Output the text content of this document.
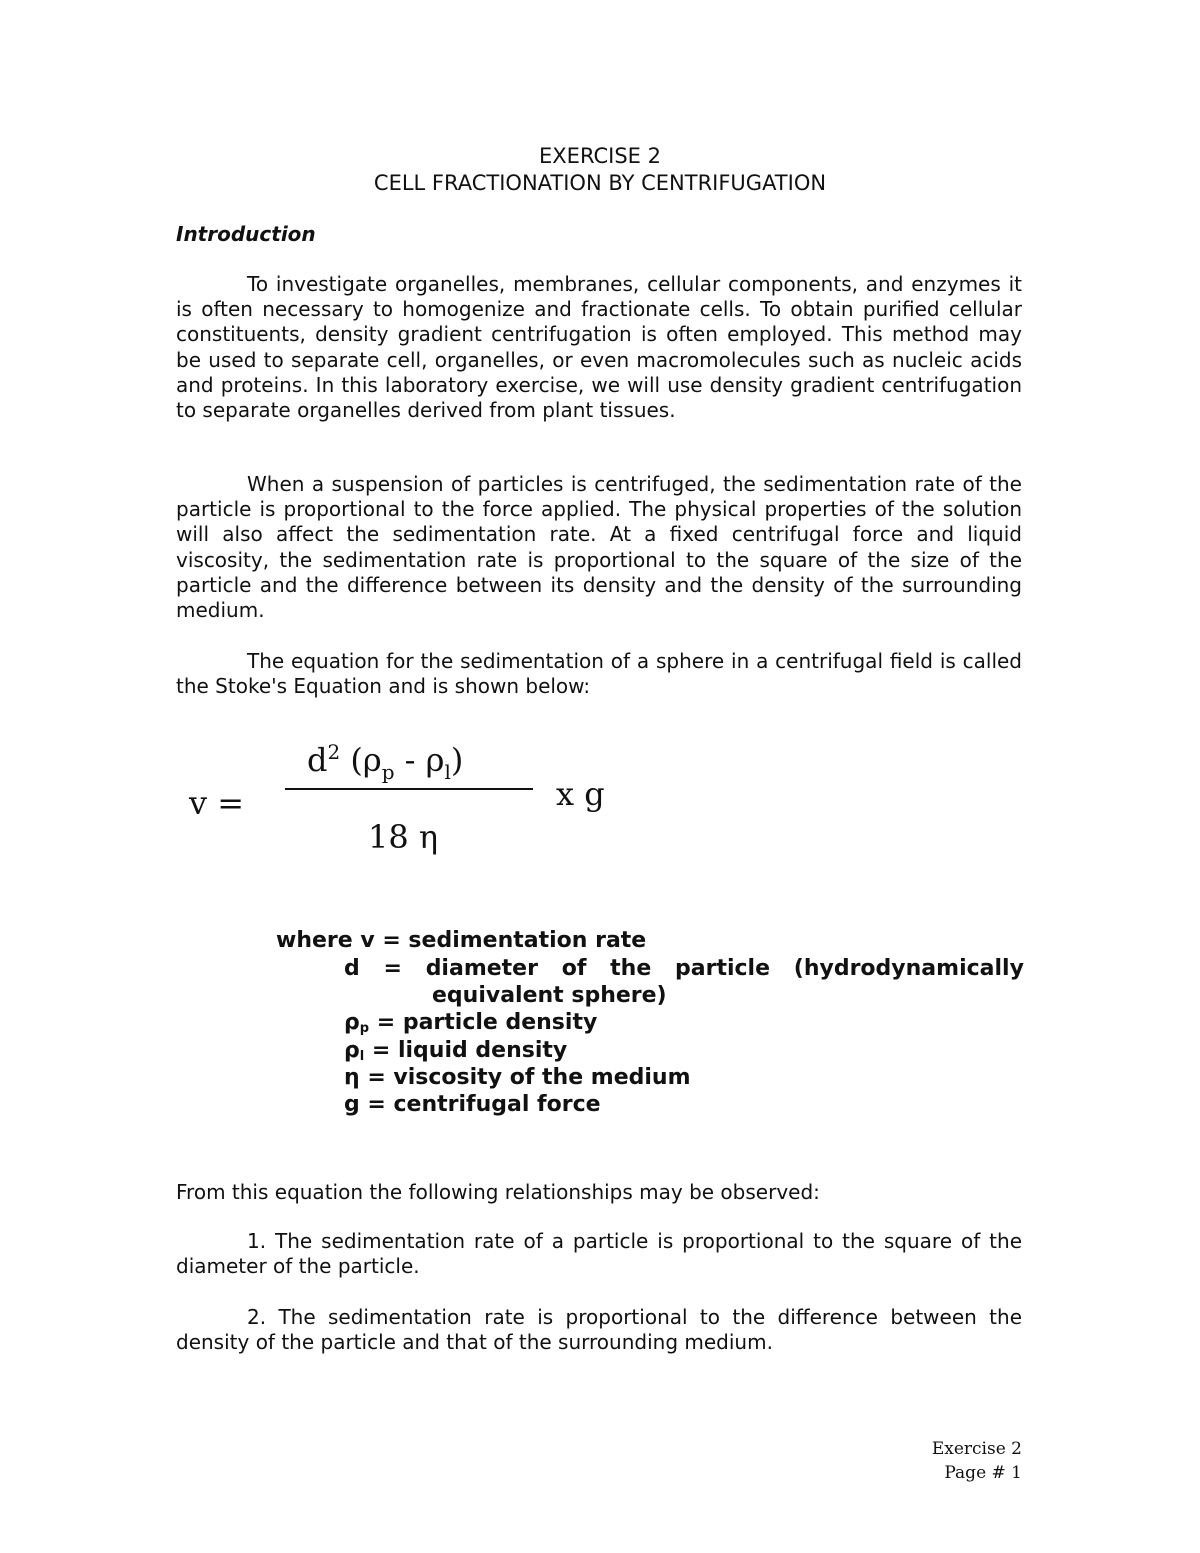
EXERCISE 2
CELL FRACTIONATION BY CENTRIFUGATION
Introduction

To investigate organelles, membranes, cellular components, and enzymes it is often necessary to homogenize and fractionate cells. To obtain purified cellular constituents, density gradient centrifugation is often employed. This method may be used to separate cell, organelles, or even macromolecules such as nucleic acids and proteins. In this laboratory exercise, we will use density gradient centrifugation to separate organelles derived from plant tissues.

When a suspension of particles is centrifuged, the sedimentation rate of the particle is proportional to the force applied. The physical properties of the solution will also affect the sedimentation rate. At a fixed centrifugal force and liquid viscosity, the sedimentation rate is proportional to the square of the size of the particle and the difference between its density and the density of the surrounding medium.

The equation for the sedimentation of a sphere in a centrifugal field is called the Stoke's Equation and is shown below:

v =
$d^2$ $(\rho_p - \rho_l)$
18 η
x g
where v = sedimentation rate
d = diameter of the particle (hydrodynamically
equivalent sphere)
$\rho_p$ = particle density
$\rho_l$ = liquid density
η = viscosity of the medium
g = centrifugal force

From this equation the following relationships may be observed:

1. The sedimentation rate of a particle is proportional to the square of the diameter of the particle.

2. The sedimentation rate is proportional to the difference between the density of the particle and that of the surrounding medium.

Exercise 2
Page # 1
